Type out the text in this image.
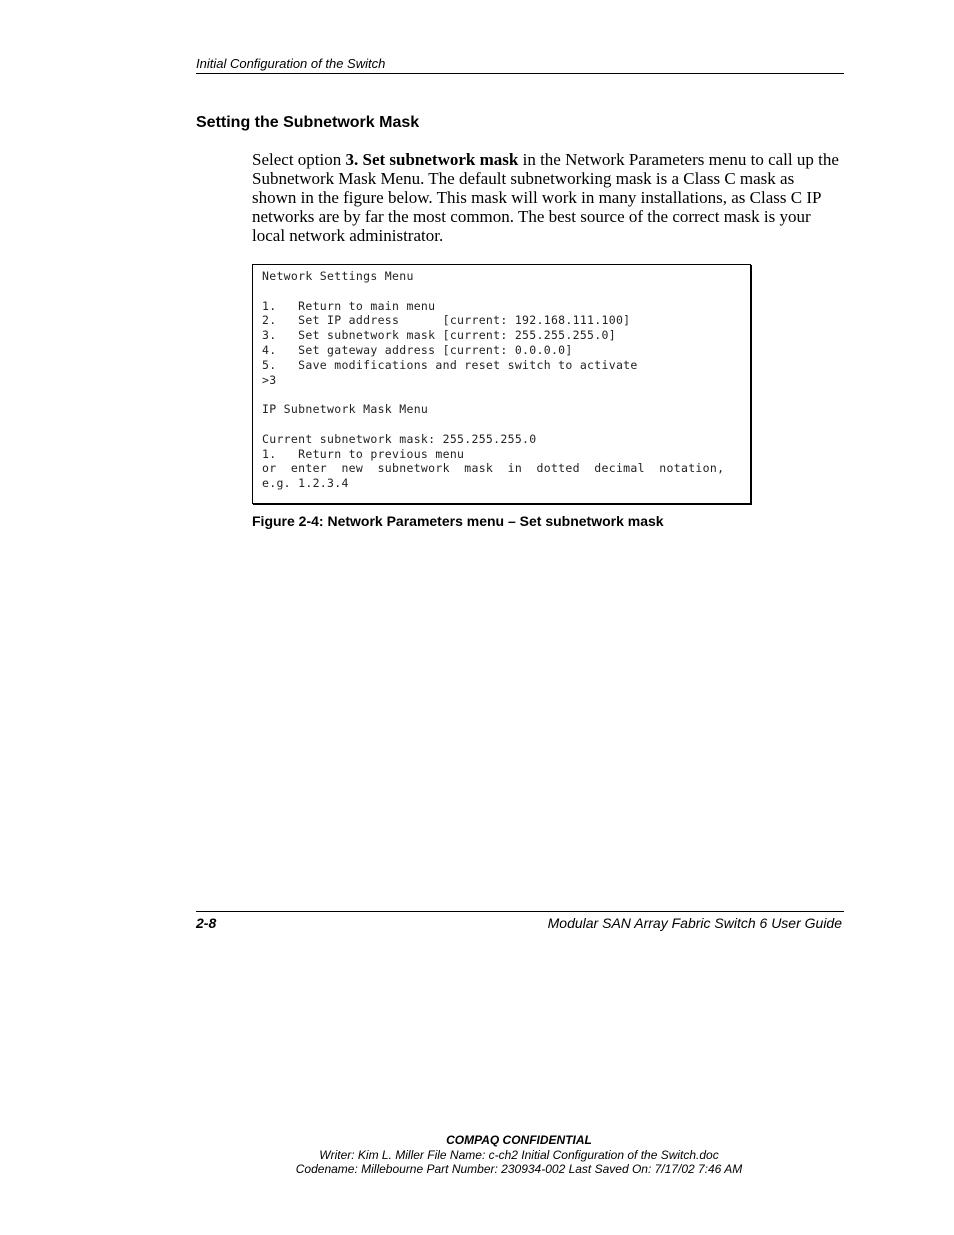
Initial Configuration of the Switch
Setting the Subnetwork Mask

Select option 3. Set subnetwork mask in the Network Parameters menu to call up the Subnetwork Mask Menu. The default subnetworking mask is a Class C mask as shown in the figure below. This mask will work in many installations, as Class C IP networks are by far the most common. The best source of the correct mask is your local network administrator.

Network Settings Menu
1.   Return to main menu
2.   Set IP address      [current: 192.168.111.100]
3.   Set subnetwork mask [current: 255.255.255.0]
4.   Set gateway address [current: 0.0.0.0]
5.   Save modifications and reset switch to activate
>3
IP Subnetwork Mask Menu
Current subnetwork mask: 255.255.255.0
1.   Return to previous menu
or  enter  new  subnetwork  mask  in  dotted  decimal  notation,
e.g. 1.2.3.4

Figure 2-4: Network Parameters menu – Set subnetwork mask

2-8	Modular SAN Array Fabric Switch 6 User Guide
COMPAQ CONFIDENTIAL
Writer: Kim L. Miller File Name: c-ch2 Initial Configuration of the Switch.doc
Codename: Millebourne Part Number: 230934-002 Last Saved On: 7/17/02 7:46 AM
